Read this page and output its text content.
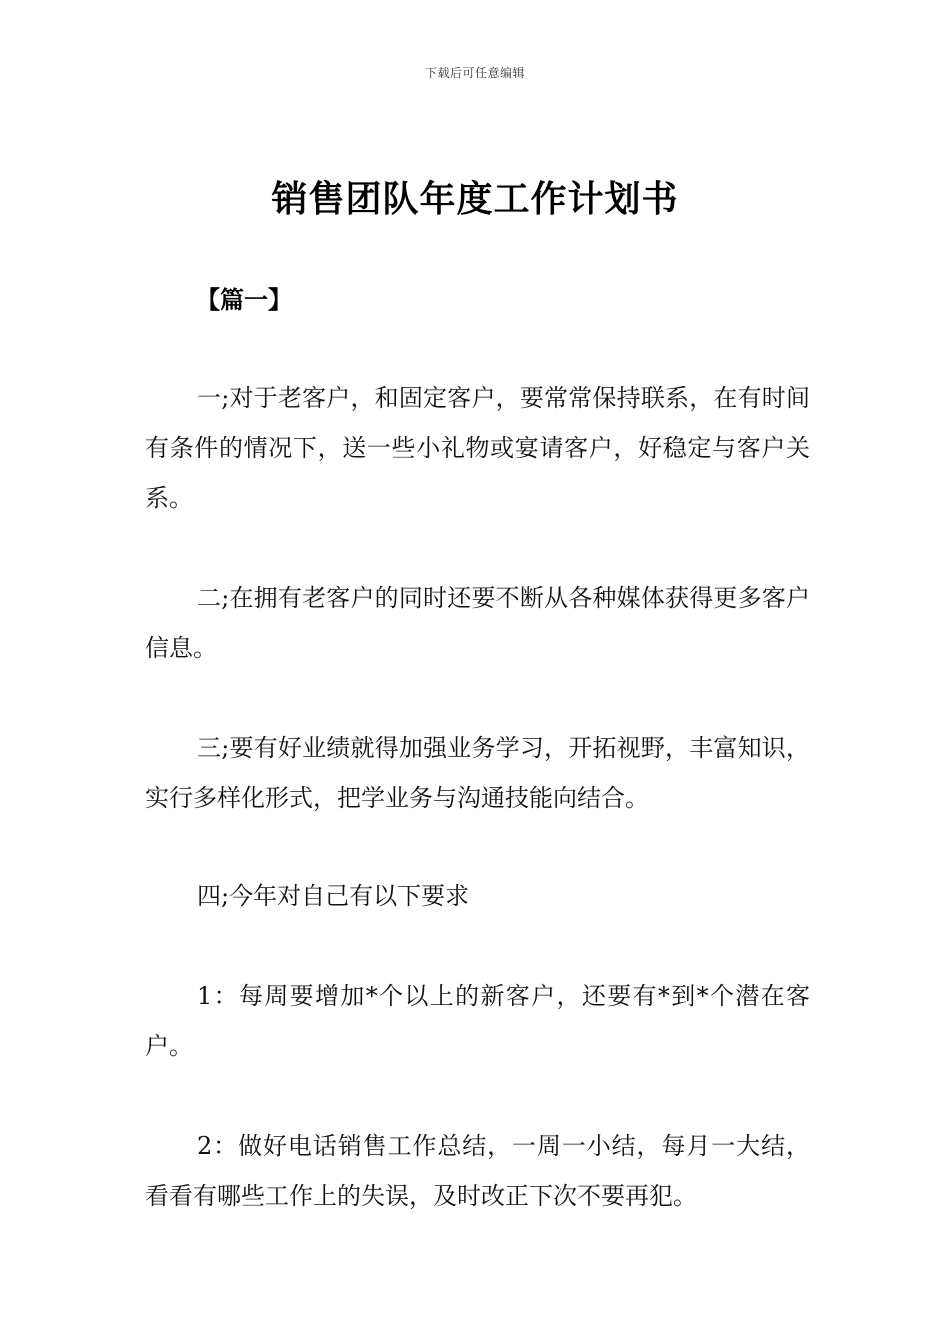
下载后可任意编辑
销售团队年度工作计划书
【篇一】

一;对于老客户，和固定客户，要常常保持联系，在有时间有条件的情况下，送一些小礼物或宴请客户，好稳定与客户关系。

二;在拥有老客户的同时还要不断从各种媒体获得更多客户信息。

三;要有好业绩就得加强业务学习，开拓视野，丰富知识，实行多样化形式，把学业务与沟通技能向结合。

四;今年对自己有以下要求

1：每周要增加*个以上的新客户，还要有*到*个潜在客户。

2：做好电话销售工作总结，一周一小结，每月一大结，看看有哪些工作上的失误，及时改正下次不要再犯。
